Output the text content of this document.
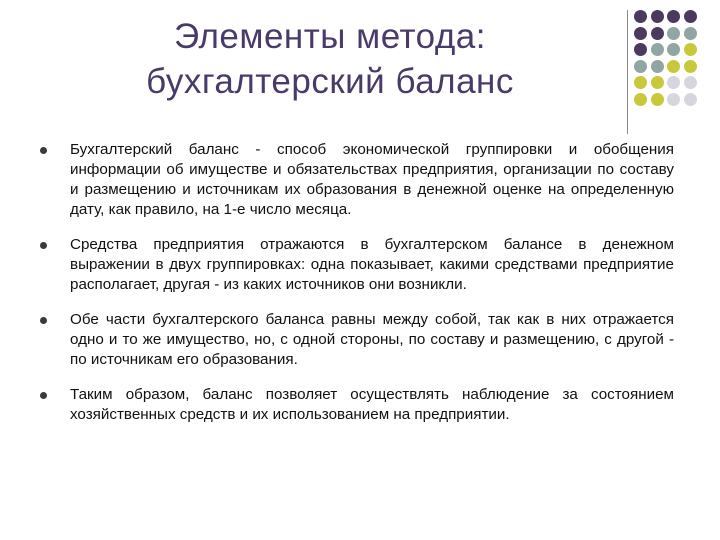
Элементы метода: бухгалтерский баланс
Бухгалтерский баланс - способ экономической группировки и обобщения информации об имуществе и обязательствах предприятия, организации по составу и размещению и источникам их образования в денежной оценке на определенную дату, как правило, на 1-е число месяца.
Средства предприятия отражаются в бухгалтерском балансе в денежном выражении в двух группировках: одна показывает, какими средствами предприятие располагает, другая - из каких источников они возникли.
Обе части бухгалтерского баланса равны между собой, так как в них отражается одно и то же имущество, но, с одной стороны, по составу и размещению, с другой - по источникам его образования.
Таким образом, баланс позволяет осуществлять наблюдение за состоянием хозяйственных средств и их использованием на предприятии.
